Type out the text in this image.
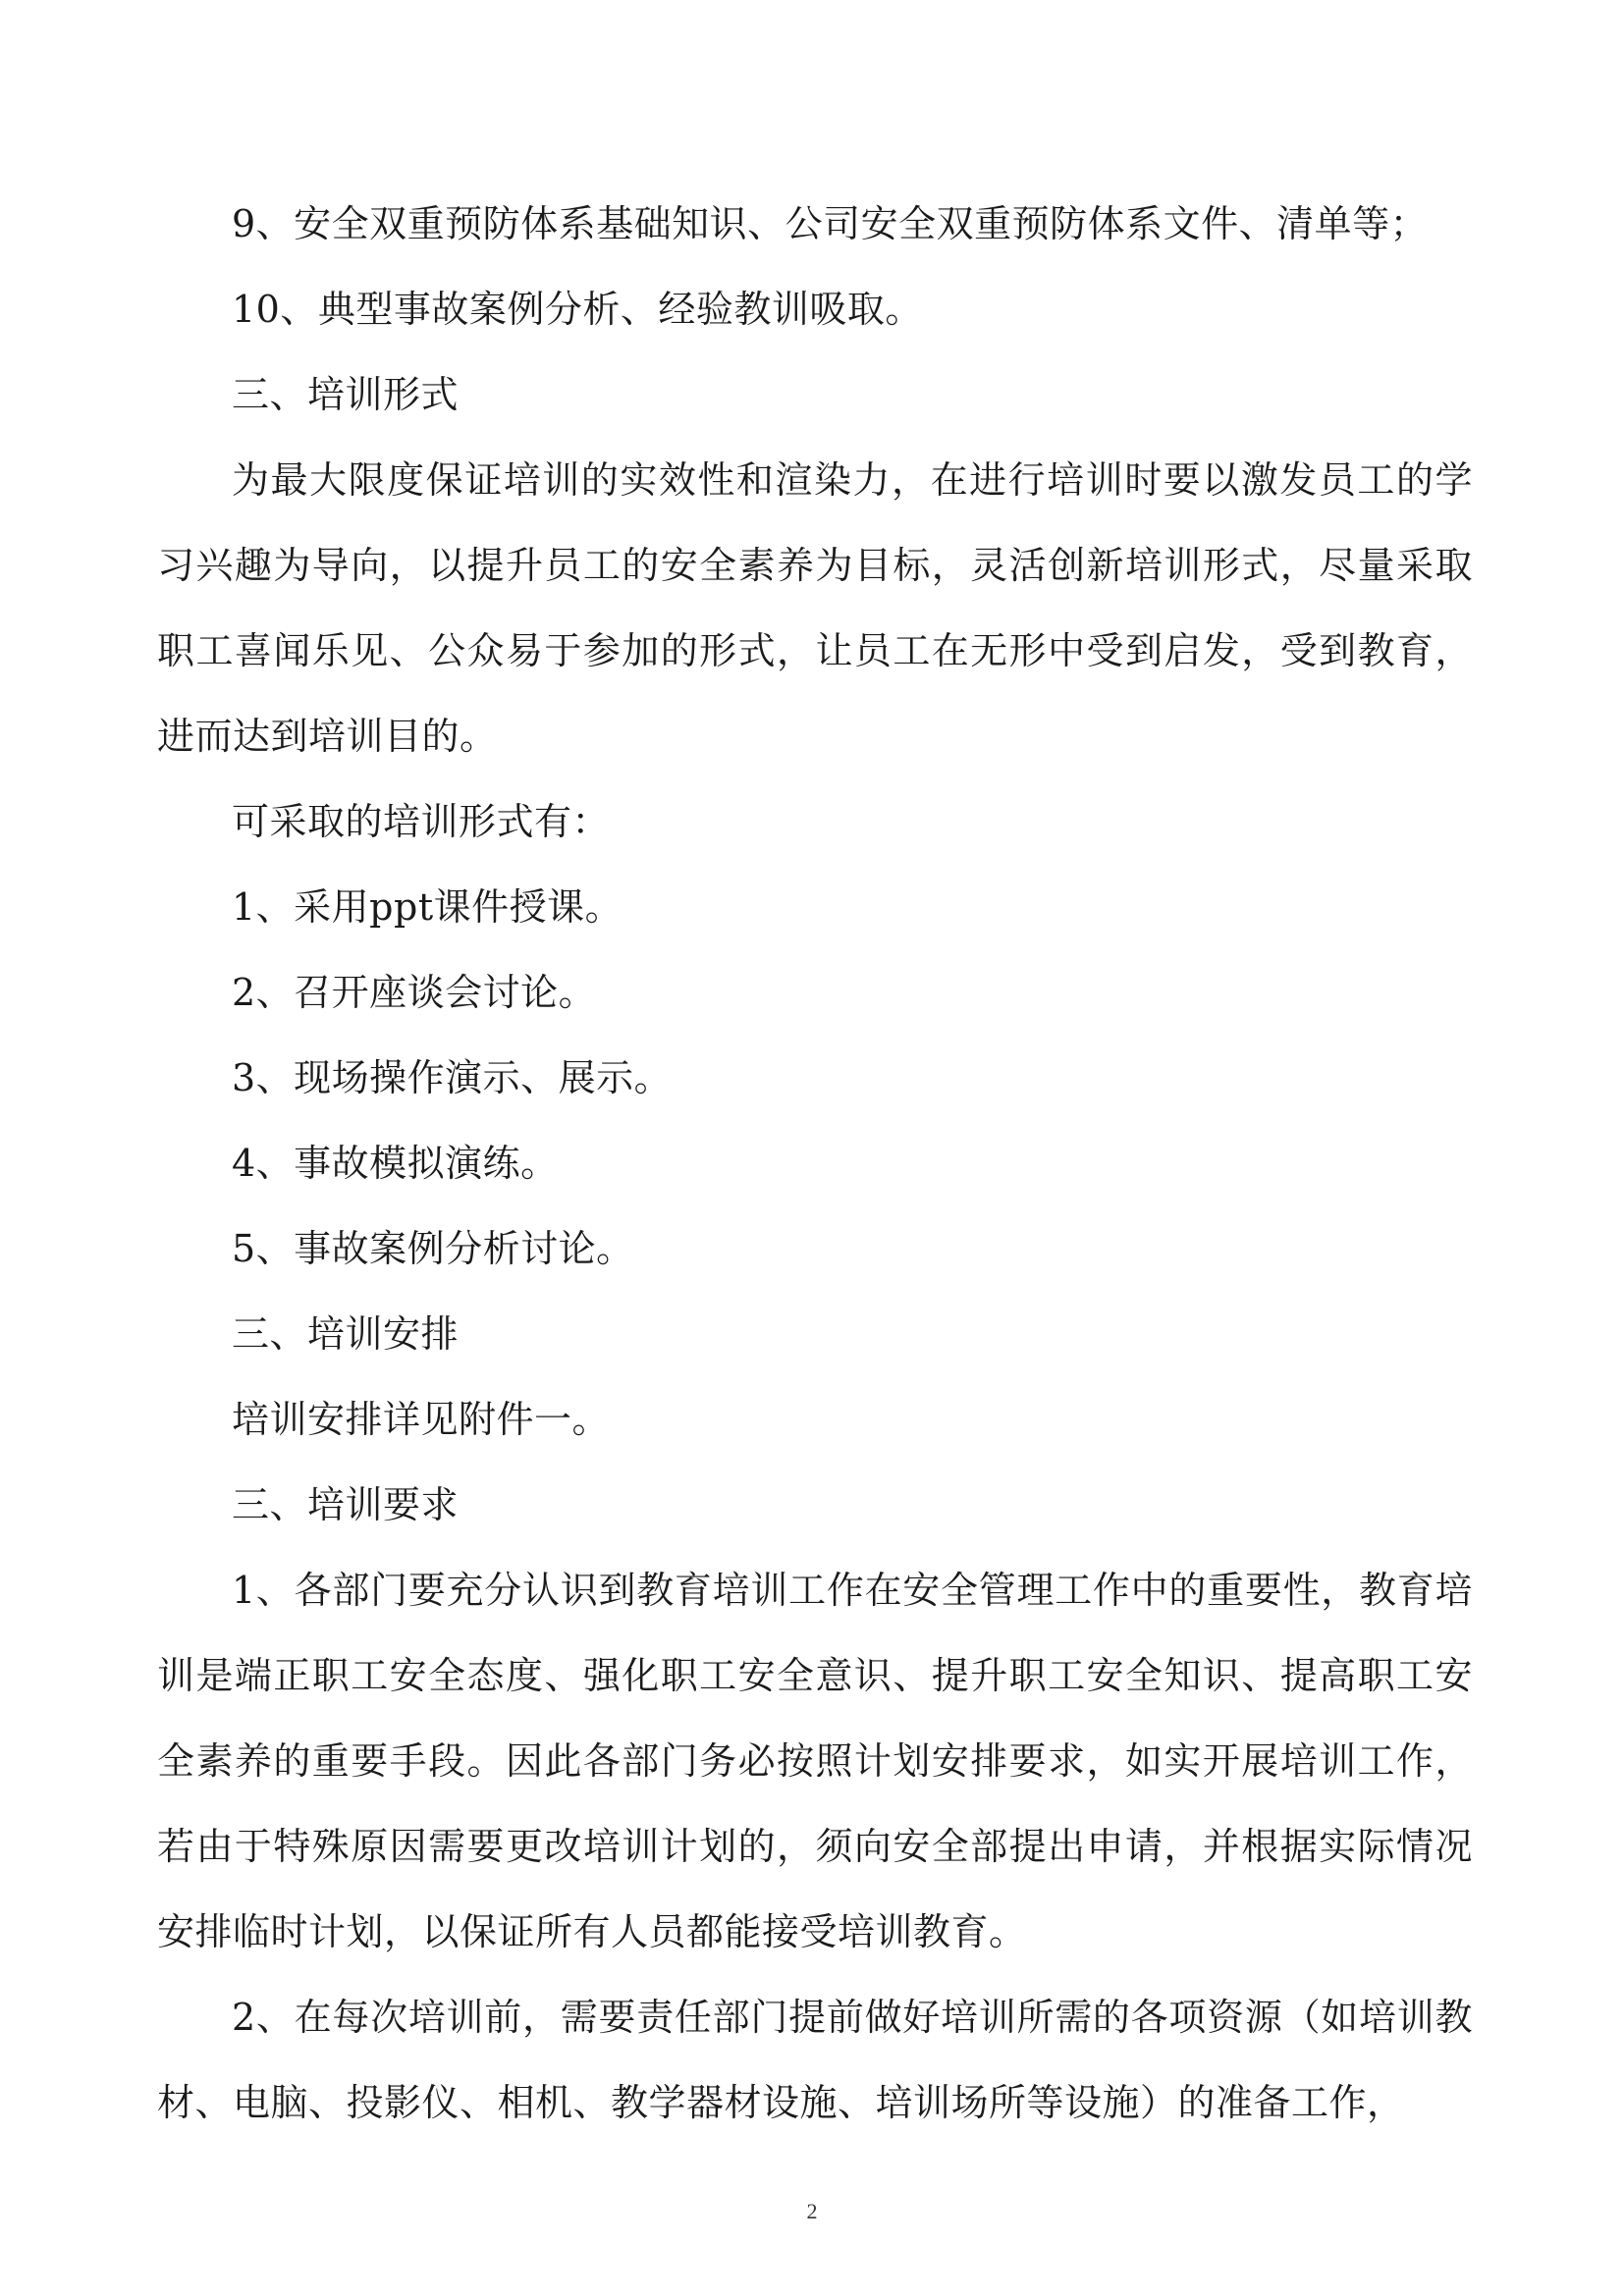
9、安全双重预防体系基础知识、公司安全双重预防体系文件、清单等；

10、典型事故案例分析、经验教训吸取。

三、培训形式

为最大限度保证培训的实效性和渲染力，在进行培训时要以激发员工的学习兴趣为导向，以提升员工的安全素养为目标，灵活创新培训形式，尽量采取职工喜闻乐见、公众易于参加的形式，让员工在无形中受到启发，受到教育，进而达到培训目的。

可采取的培训形式有：

1、采用ppt课件授课。

2、召开座谈会讨论。

3、现场操作演示、展示。

4、事故模拟演练。

5、事故案例分析讨论。

三、培训安排

培训安排详见附件一。

三、培训要求

1、各部门要充分认识到教育培训工作在安全管理工作中的重要性，教育培训是端正职工安全态度、强化职工安全意识、提升职工安全知识、提高职工安全素养的重要手段。因此各部门务必按照计划安排要求，如实开展培训工作，若由于特殊原因需要更改培训计划的，须向安全部提出申请，并根据实际情况安排临时计划，以保证所有人员都能接受培训教育。

2、在每次培训前，需要责任部门提前做好培训所需的各项资源（如培训教材、电脑、投影仪、相机、教学器材设施、培训场所等设施）的准备工作，

2
